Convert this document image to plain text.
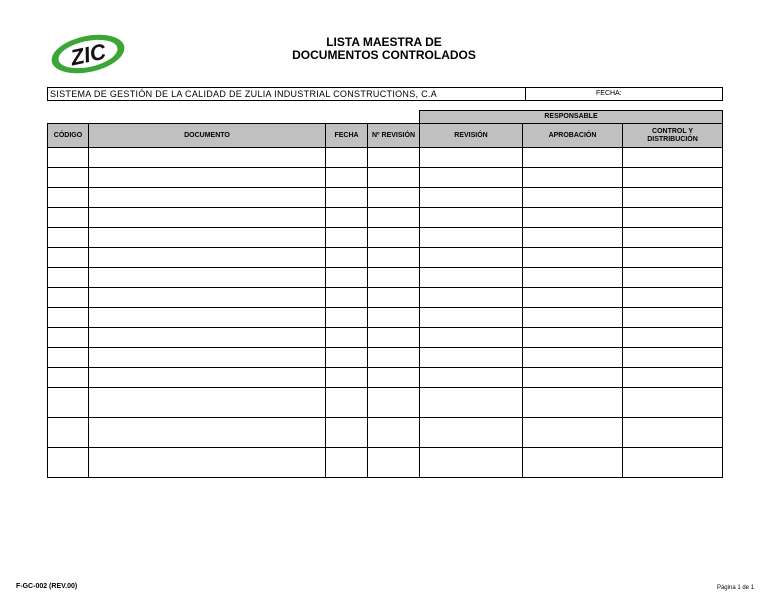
ZIC	LISTA MAESTRA DE
DOCUMENTOS CONTROLADOS
SISTEMA DE GESTIÓN DE LA CALIDAD DE ZULIA INDUSTRIAL CONSTRUCTIONS, C.A	FECHA:
				RESPONSABLE		
CÓDIGO	DOCUMENTO	FECHA	Nº REVISIÓN	REVISIÓN	APROBACIÓN	CONTROL Y
DISTRIBUCIÓN

F-GC-002 (REV.00)	Página 1 de 1
